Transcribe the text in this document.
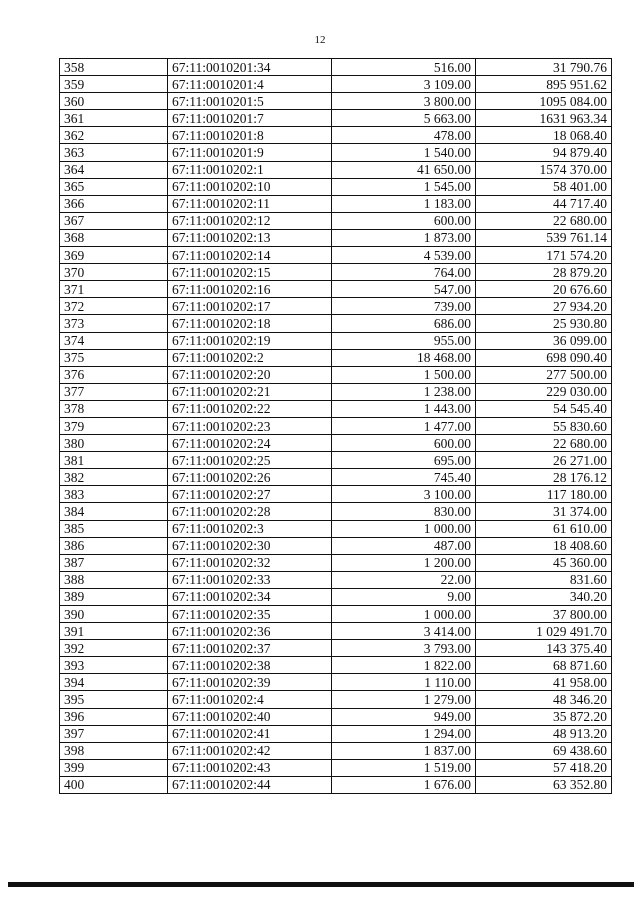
12
358	67:11:0010201:34	516.00	31 790.76
359	67:11:0010201:4	3 109.00	895 951.62
360	67:11:0010201:5	3 800.00	1095 084.00
361	67:11:0010201:7	5 663.00	1631 963.34
362	67:11:0010201:8	478.00	18 068.40
363	67:11:0010201:9	1 540.00	94 879.40
364	67:11:0010202:1	41 650.00	1574 370.00
365	67:11:0010202:10	1 545.00	58 401.00
366	67:11:0010202:11	1 183.00	44 717.40
367	67:11:0010202:12	600.00	22 680.00
368	67:11:0010202:13	1 873.00	539 761.14
369	67:11:0010202:14	4 539.00	171 574.20
370	67:11:0010202:15	764.00	28 879.20
371	67:11:0010202:16	547.00	20 676.60
372	67:11:0010202:17	739.00	27 934.20
373	67:11:0010202:18	686.00	25 930.80
374	67:11:0010202:19	955.00	36 099.00
375	67:11:0010202:2	18 468.00	698 090.40
376	67:11:0010202:20	1 500.00	277 500.00
377	67:11:0010202:21	1 238.00	229 030.00
378	67:11:0010202:22	1 443.00	54 545.40
379	67:11:0010202:23	1 477.00	55 830.60
380	67:11:0010202:24	600.00	22 680.00
381	67:11:0010202:25	695.00	26 271.00
382	67:11:0010202:26	745.40	28 176.12
383	67:11:0010202:27	3 100.00	117 180.00
384	67:11:0010202:28	830.00	31 374.00
385	67:11:0010202:3	1 000.00	61 610.00
386	67:11:0010202:30	487.00	18 408.60
387	67:11:0010202:32	1 200.00	45 360.00
388	67:11:0010202:33	22.00	831.60
389	67:11:0010202:34	9.00	340.20
390	67:11:0010202:35	1 000.00	37 800.00
391	67:11:0010202:36	3 414.00	1 029 491.70
392	67:11:0010202:37	3 793.00	143 375.40
393	67:11:0010202:38	1 822.00	68 871.60
394	67:11:0010202:39	1 110.00	41 958.00
395	67:11:0010202:4	1 279.00	48 346.20
396	67:11:0010202:40	949.00	35 872.20
397	67:11:0010202:41	1 294.00	48 913.20
398	67:11:0010202:42	1 837.00	69 438.60
399	67:11:0010202:43	1 519.00	57 418.20
400	67:11:0010202:44	1 676.00	63 352.80
